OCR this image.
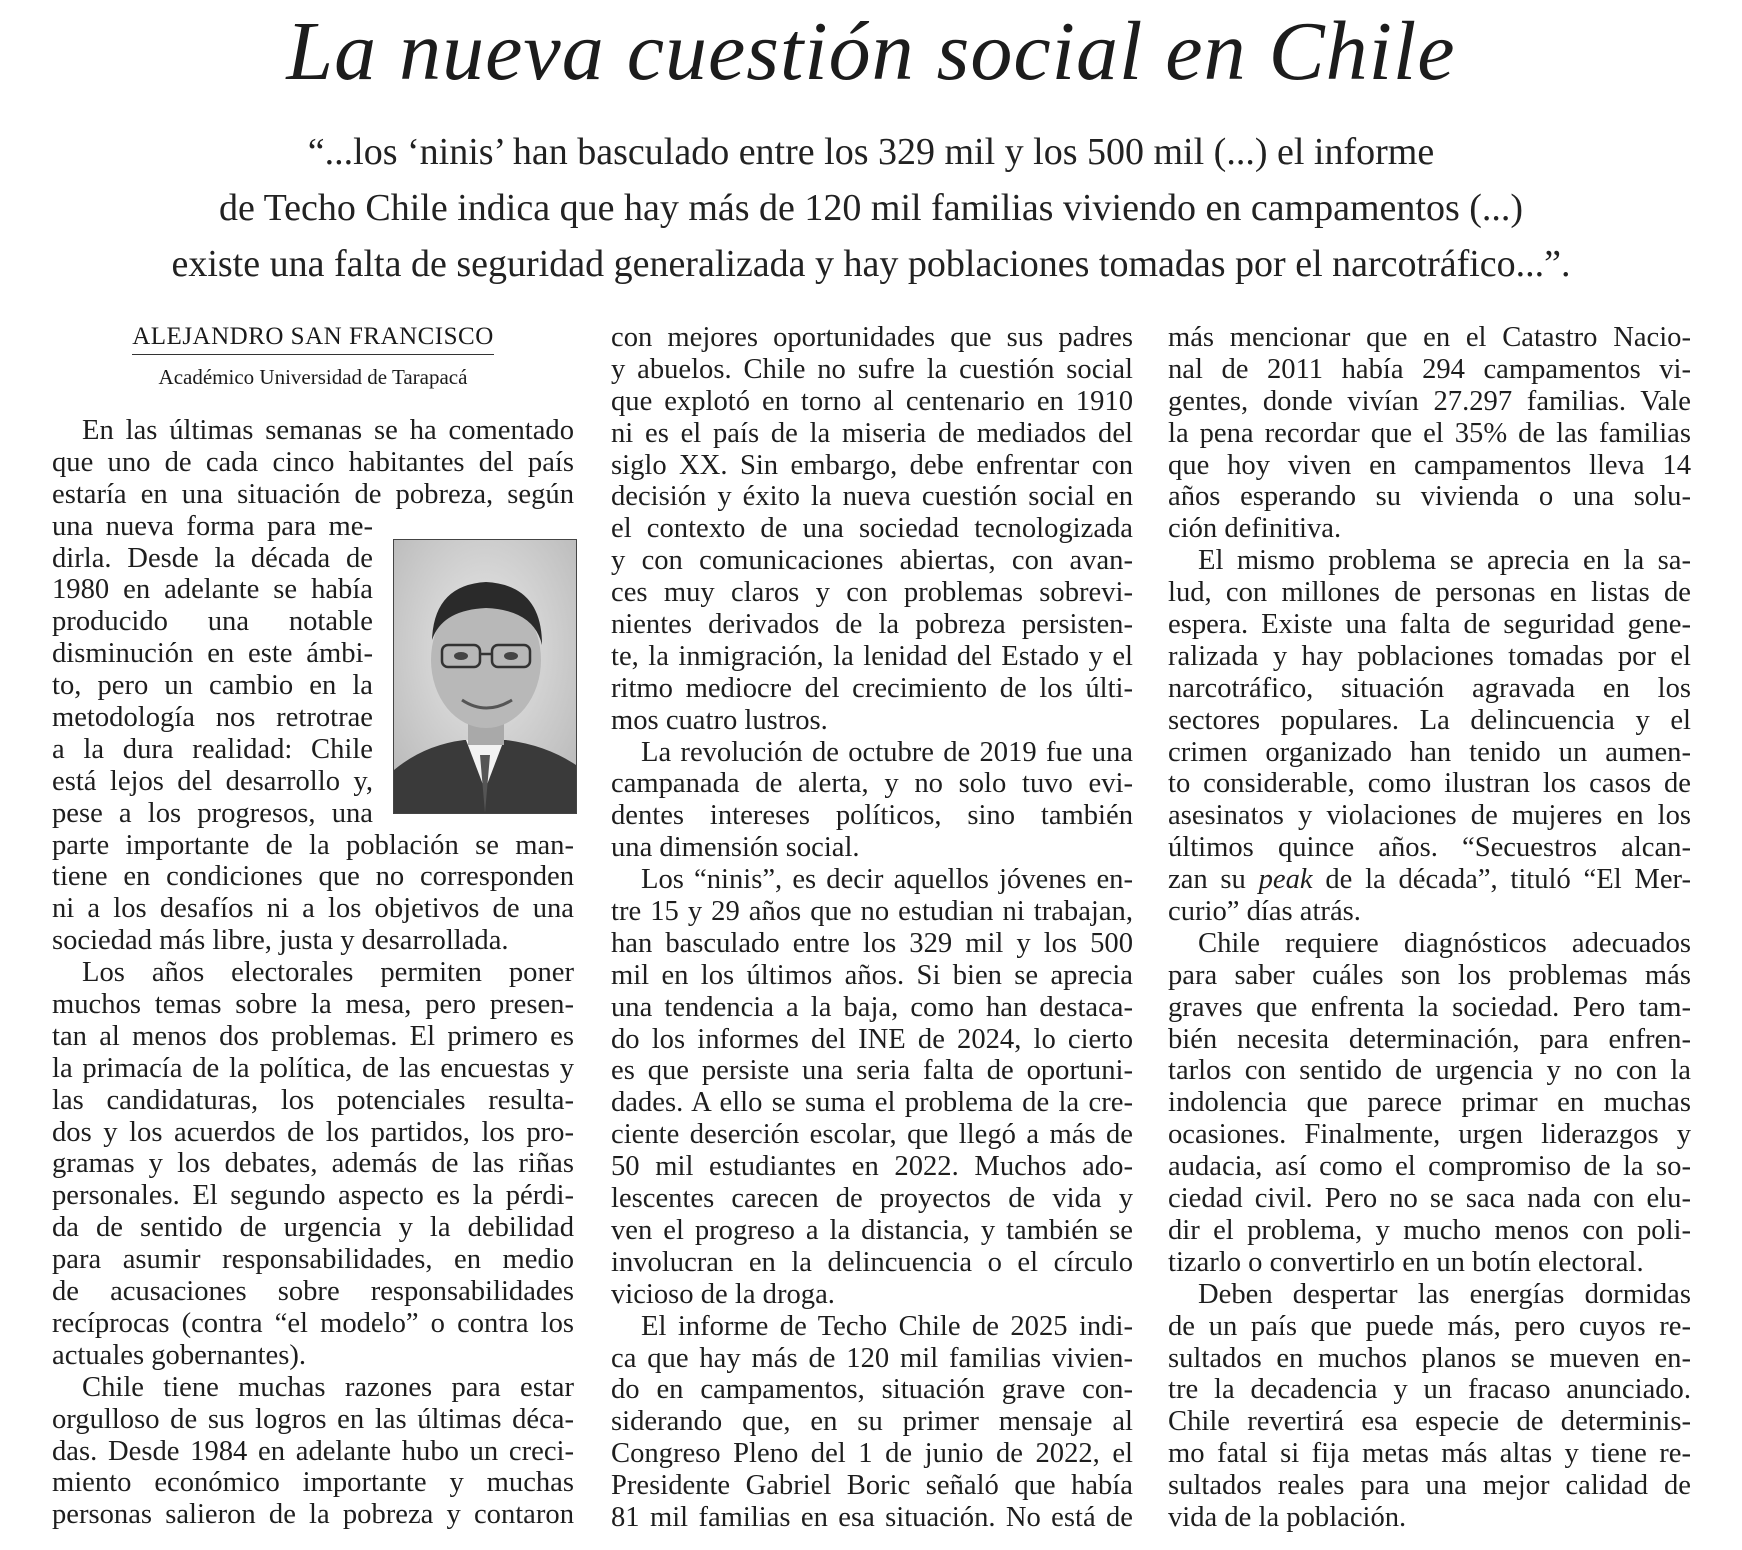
La nueva cuestión social en Chile
“...los ‘ninis’ han basculado entre los 329 mil y los 500 mil (...) el informe
de Techo Chile indica que hay más de 120 mil familias viviendo en campamentos (...)
existe una falta de seguridad generalizada y hay poblaciones tomadas por el narcotráfico...”.
ALEJANDRO SAN FRANCISCO
Académico Universidad de Tarapacá
En las últimas semanas se ha comentado
que uno de cada cinco habitantes del país
estaría en una situación de pobreza, según
una nueva forma para me-
dirla. Desde la década de
1980 en adelante se había
producido una notable
disminución en este ámbi-
to, pero un cambio en la
metodología nos retrotrae
a la dura realidad: Chile
está lejos del desarrollo y,
pese a los progresos, una
parte importante de la población se man-
tiene en condiciones que no corresponden
ni a los desafíos ni a los objetivos de una
sociedad más libre, justa y desarrollada.
Los años electorales permiten poner
muchos temas sobre la mesa, pero presen-
tan al menos dos problemas. El primero es
la primacía de la política, de las encuestas y
las candidaturas, los potenciales resulta-
dos y los acuerdos de los partidos, los pro-
gramas y los debates, además de las riñas
personales. El segundo aspecto es la pérdi-
da de sentido de urgencia y la debilidad
para asumir responsabilidades, en medio
de acusaciones sobre responsabilidades
recíprocas (contra “el modelo” o contra los
actuales gobernantes).
Chile tiene muchas razones para estar
orgulloso de sus logros en las últimas déca-
das. Desde 1984 en adelante hubo un creci-
miento económico importante y muchas
personas salieron de la pobreza y contaron
con mejores oportunidades que sus padres
y abuelos. Chile no sufre la cuestión social
que explotó en torno al centenario en 1910
ni es el país de la miseria de mediados del
siglo XX. Sin embargo, debe enfrentar con
decisión y éxito la nueva cuestión social en
el contexto de una sociedad tecnologizada
y con comunicaciones abiertas, con avan-
ces muy claros y con problemas sobrevi-
nientes derivados de la pobreza persisten-
te, la inmigración, la lenidad del Estado y el
ritmo mediocre del crecimiento de los últi-
mos cuatro lustros.
La revolución de octubre de 2019 fue una
campanada de alerta, y no solo tuvo evi-
dentes intereses políticos, sino también
una dimensión social.
Los “ninis”, es decir aquellos jóvenes en-
tre 15 y 29 años que no estudian ni trabajan,
han basculado entre los 329 mil y los 500
mil en los últimos años. Si bien se aprecia
una tendencia a la baja, como han destaca-
do los informes del INE de 2024, lo cierto
es que persiste una seria falta de oportuni-
dades. A ello se suma el problema de la cre-
ciente deserción escolar, que llegó a más de
50 mil estudiantes en 2022. Muchos ado-
lescentes carecen de proyectos de vida y
ven el progreso a la distancia, y también se
involucran en la delincuencia o el círculo
vicioso de la droga.
El informe de Techo Chile de 2025 indi-
ca que hay más de 120 mil familias vivien-
do en campamentos, situación grave con-
siderando que, en su primer mensaje al
Congreso Pleno del 1 de junio de 2022, el
Presidente Gabriel Boric señaló que había
81 mil familias en esa situación. No está de
más mencionar que en el Catastro Nacio-
nal de 2011 había 294 campamentos vi-
gentes, donde vivían 27.297 familias. Vale
la pena recordar que el 35% de las familias
que hoy viven en campamentos lleva 14
años esperando su vivienda o una solu-
ción definitiva.
El mismo problema se aprecia en la sa-
lud, con millones de personas en listas de
espera. Existe una falta de seguridad gene-
ralizada y hay poblaciones tomadas por el
narcotráfico, situación agravada en los
sectores populares. La delincuencia y el
crimen organizado han tenido un aumen-
to considerable, como ilustran los casos de
asesinatos y violaciones de mujeres en los
últimos quince años. “Secuestros alcan-
zan su peak de la década”, tituló “El Mer-
curio” días atrás.
Chile requiere diagnósticos adecuados
para saber cuáles son los problemas más
graves que enfrenta la sociedad. Pero tam-
bién necesita determinación, para enfren-
tarlos con sentido de urgencia y no con la
indolencia que parece primar en muchas
ocasiones. Finalmente, urgen liderazgos y
audacia, así como el compromiso de la so-
ciedad civil. Pero no se saca nada con elu-
dir el problema, y mucho menos con poli-
tizarlo o convertirlo en un botín electoral.
Deben despertar las energías dormidas
de un país que puede más, pero cuyos re-
sultados en muchos planos se mueven en-
tre la decadencia y un fracaso anunciado.
Chile revertirá esa especie de determinis-
mo fatal si fija metas más altas y tiene re-
sultados reales para una mejor calidad de
vida de la población.
